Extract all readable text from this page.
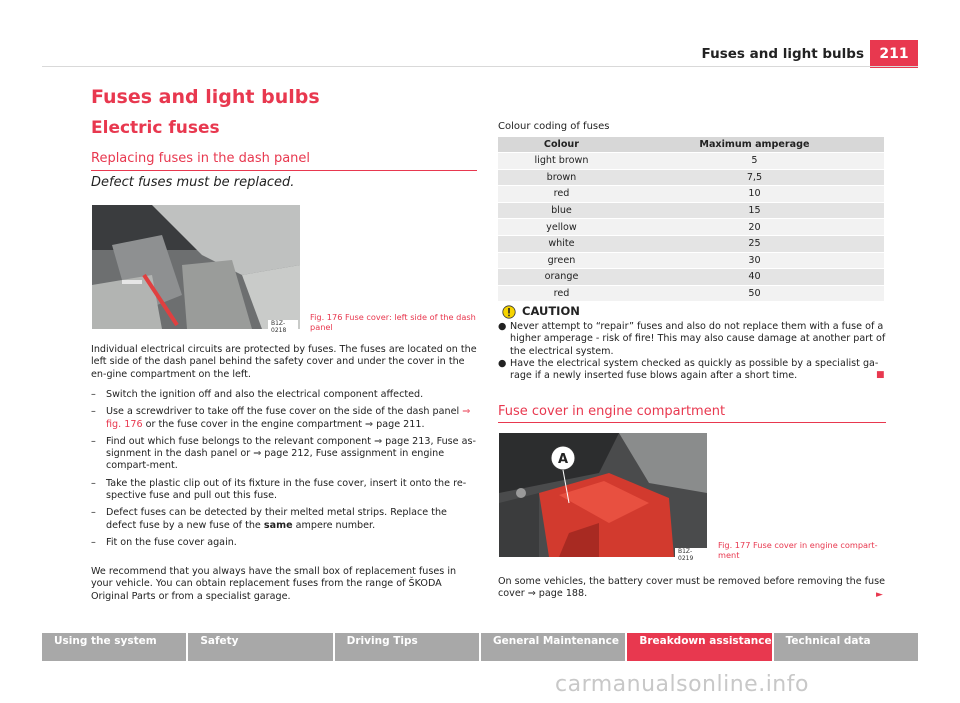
Fuses and light bulbs	211
Fuses and light bulbs
Electric fuses
Replacing fuses in the dash panel
Defect fuses must be replaced.
B1Z-0218
Fig. 176 Fuse cover: left side of the dash panel
Individual electrical circuits are protected by fuses. The fuses are located on the left side of the dash panel behind the safety cover and under the cover in the en-gine compartment on the left.
– Switch the ignition off and also the electrical component affected.
– Use a screwdriver to take off the fuse cover on the side of the dash panel ⇒ fig. 176 or the fuse cover in the engine compartment ⇒ page 211.
– Find out which fuse belongs to the relevant component ⇒ page 213, Fuse as-signment in the dash panel or ⇒ page 212, Fuse assignment in engine compart-ment.
– Take the plastic clip out of its fixture in the fuse cover, insert it onto the re-spective fuse and pull out this fuse.
– Defect fuses can be detected by their melted metal strips. Replace the defect fuse by a new fuse of the same ampere number.
– Fit on the fuse cover again.
We recommend that you always have the small box of replacement fuses in your vehicle. You can obtain replacement fuses from the range of ŠKODA Original Parts or from a specialist garage.
Colour coding of fuses
Colour	Maximum amperage
light brown	5
brown	7,5
red	10
blue	15
yellow	20
white	25
green	30
orange	40
red	50
CAUTION
● Never attempt to “repair” fuses and also do not replace them with a fuse of a higher amperage - risk of fire! This may also cause damage at another part of the electrical system.
● Have the electrical system checked as quickly as possible by a specialist ga-rage if a newly inserted fuse blows again after a short time.	■
Fuse cover in engine compartment
A
B1Z-0219
Fig. 177 Fuse cover in engine compart-ment
On some vehicles, the battery cover must be removed before removing the fuse cover ⇒ page 188.	►
Using the system	Safety	Driving Tips	General Maintenance	Breakdown assistance	Technical data
carmanualsonline.info
